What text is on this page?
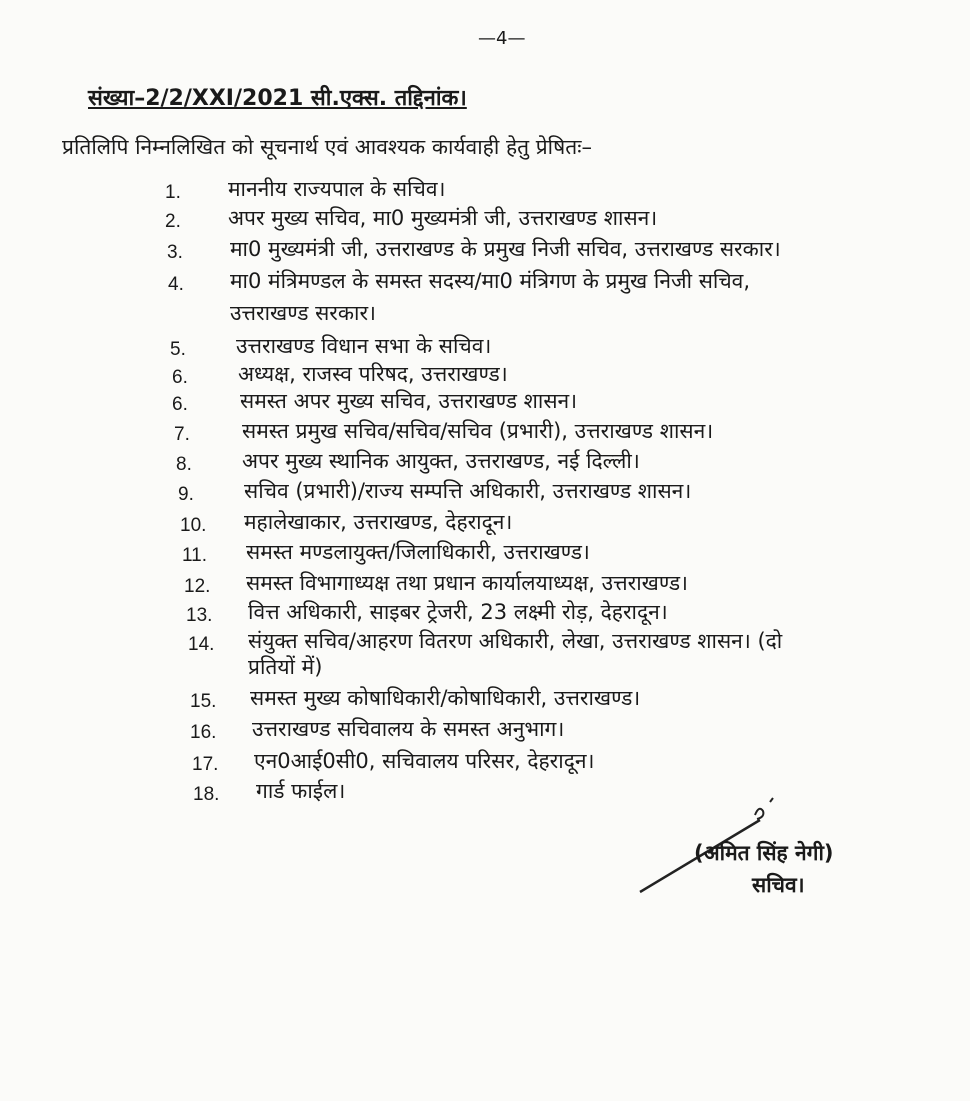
—4—
संख्या–2/2/XXI/2021 सी.एक्स. तद्दिनांक।
प्रतिलिपि निम्नलिखित को सूचनार्थ एवं आवश्यक कार्यवाही हेतु प्रेषितः–
1. माननीय राज्यपाल के सचिव।
2. अपर मुख्य सचिव, मा0 मुख्यमंत्री जी, उत्तराखण्ड शासन।
3. मा0 मुख्यमंत्री जी, उत्तराखण्ड के प्रमुख निजी सचिव, उत्तराखण्ड सरकार।
4. मा0 मंत्रिमण्डल के समस्त सदस्य/मा0 मंत्रिगण के प्रमुख निजी सचिव,
उत्तराखण्ड सरकार।
5. उत्तराखण्ड विधान सभा के सचिव।
6. अध्यक्ष, राजस्व परिषद, उत्तराखण्ड।
6. समस्त अपर मुख्य सचिव, उत्तराखण्ड शासन।
7. समस्त प्रमुख सचिव/सचिव/सचिव (प्रभारी), उत्तराखण्ड शासन।
8. अपर मुख्य स्थानिक आयुक्त, उत्तराखण्ड, नई दिल्ली।
9. सचिव (प्रभारी)/राज्य सम्पत्ति अधिकारी, उत्तराखण्ड शासन।
10. महालेखाकार, उत्तराखण्ड, देहरादून।
11. समस्त मण्डलायुक्त/जिलाधिकारी, उत्तराखण्ड।
12. समस्त विभागाध्यक्ष तथा प्रधान कार्यालयाध्यक्ष, उत्तराखण्ड।
13. वित्त अधिकारी, साइबर ट्रेजरी, 23 लक्ष्मी रोड़, देहरादून।
14. संयुक्त सचिव/आहरण वितरण अधिकारी, लेखा, उत्तराखण्ड शासन। (दो
प्रतियों में)
15. समस्त मुख्य कोषाधिकारी/कोषाधिकारी, उत्तराखण्ड।
16. उत्तराखण्ड सचिवालय के समस्त अनुभाग।
17. एन0आई0सी0, सचिवालय परिसर, देहरादून।
18. गार्ड फाईल।
(अमित सिंह नेगी)
सचिव।
